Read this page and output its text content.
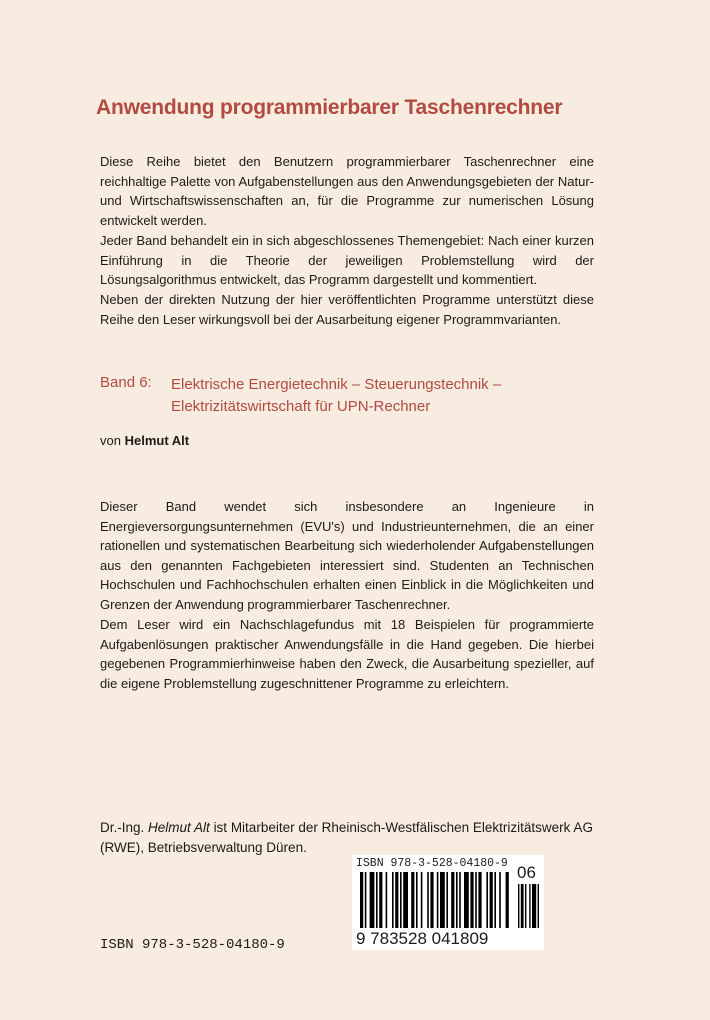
Anwendung programmierbarer Taschenrechner

Diese Reihe bietet den Benutzern programmierbarer Taschenrechner eine reichhaltige Palette von Aufgabenstellungen aus den Anwendungsgebieten der Natur- und Wirtschaftswissenschaften an, für die Programme zur numerischen Lösung entwickelt werden.

Jeder Band behandelt ein in sich abgeschlossenes Themengebiet: Nach einer kurzen Einführung in die Theorie der jeweiligen Problemstellung wird der Lösungsalgorithmus entwickelt, das Programm dargestellt und kommentiert.

Neben der direkten Nutzung der hier veröffentlichten Programme unterstützt diese Reihe den Leser wirkungsvoll bei der Ausarbeitung eigener Programmvarianten.

Band 6: Elektrische Energietechnik – Steuerungstechnik –
Elektrizitätswirtschaft für UPN-Rechner
von Helmut Alt

Dieser Band wendet sich insbesondere an Ingenieure in Energieversorgungsunternehmen (EVU's) und Industrieunternehmen, die an einer rationellen und systematischen Bearbeitung sich wiederholender Aufgabenstellungen aus den genannten Fachgebieten interessiert sind. Studenten an Technischen Hochschulen und Fachhochschulen erhalten einen Einblick in die Möglichkeiten und Grenzen der Anwendung programmierbarer Taschenrechner.

Dem Leser wird ein Nachschlagefundus mit 18 Beispielen für programmierte Aufgabenlösungen praktischer Anwendungsfälle in die Hand gegeben. Die hierbei gegebenen Programmierhinweise haben den Zweck, die Ausarbeitung spezieller, auf die eigene Problemstellung zugeschnittener Programme zu erleichtern.

Dr.-Ing. Helmut Alt ist Mitarbeiter der Rheinisch-Westfälischen Elektrizitätswerk AG
(RWE), Betriebsverwaltung Düren.

ISBN 978-3-528-04180-9 06
9 783528 041809
ISBN 978-3-528-04180-9
